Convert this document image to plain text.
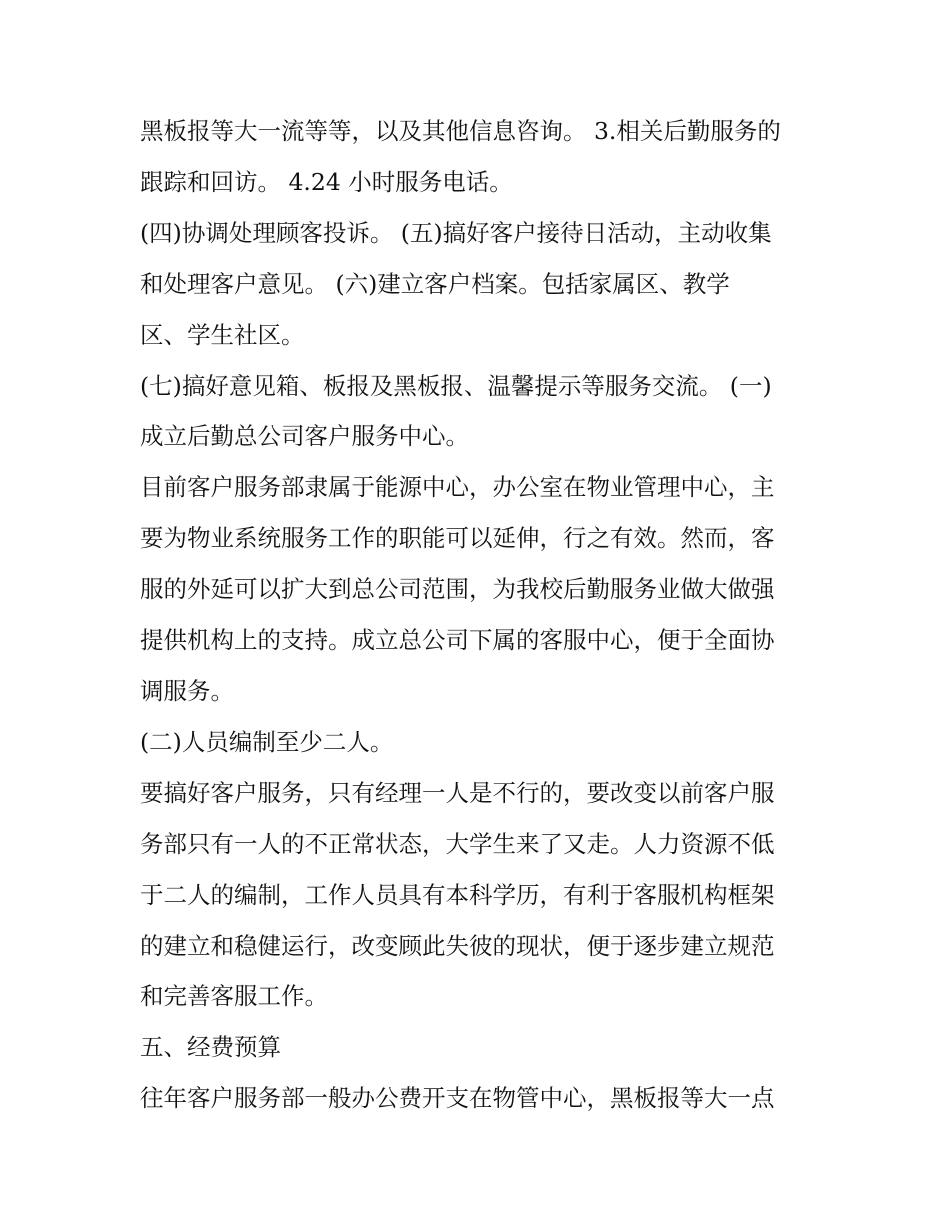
黑板报等大一流等等，以及其他信息咨询。 3.相关后勤服务的
跟踪和回访。 4.24 小时服务电话。
(四)协调处理顾客投诉。 (五)搞好客户接待日活动，主动收集
和处理客户意见。 (六)建立客户档案。包括家属区、教学
区、学生社区。
(七)搞好意见箱、板报及黑板报、温馨提示等服务交流。 (一)
成立后勤总公司客户服务中心。
目前客户服务部隶属于能源中心，办公室在物业管理中心，主
要为物业系统服务工作的职能可以延伸，行之有效。然而，客
服的外延可以扩大到总公司范围，为我校后勤服务业做大做强
提供机构上的支持。成立总公司下属的客服中心，便于全面协
调服务。
(二)人员编制至少二人。
要搞好客户服务，只有经理一人是不行的，要改变以前客户服
务部只有一人的不正常状态，大学生来了又走。人力资源不低
于二人的编制，工作人员具有本科学历，有利于客服机构框架
的建立和稳健运行，改变顾此失彼的现状，便于逐步建立规范
和完善客服工作。
五、经费预算
往年客户服务部一般办公费开支在物管中心，黑板报等大一点
